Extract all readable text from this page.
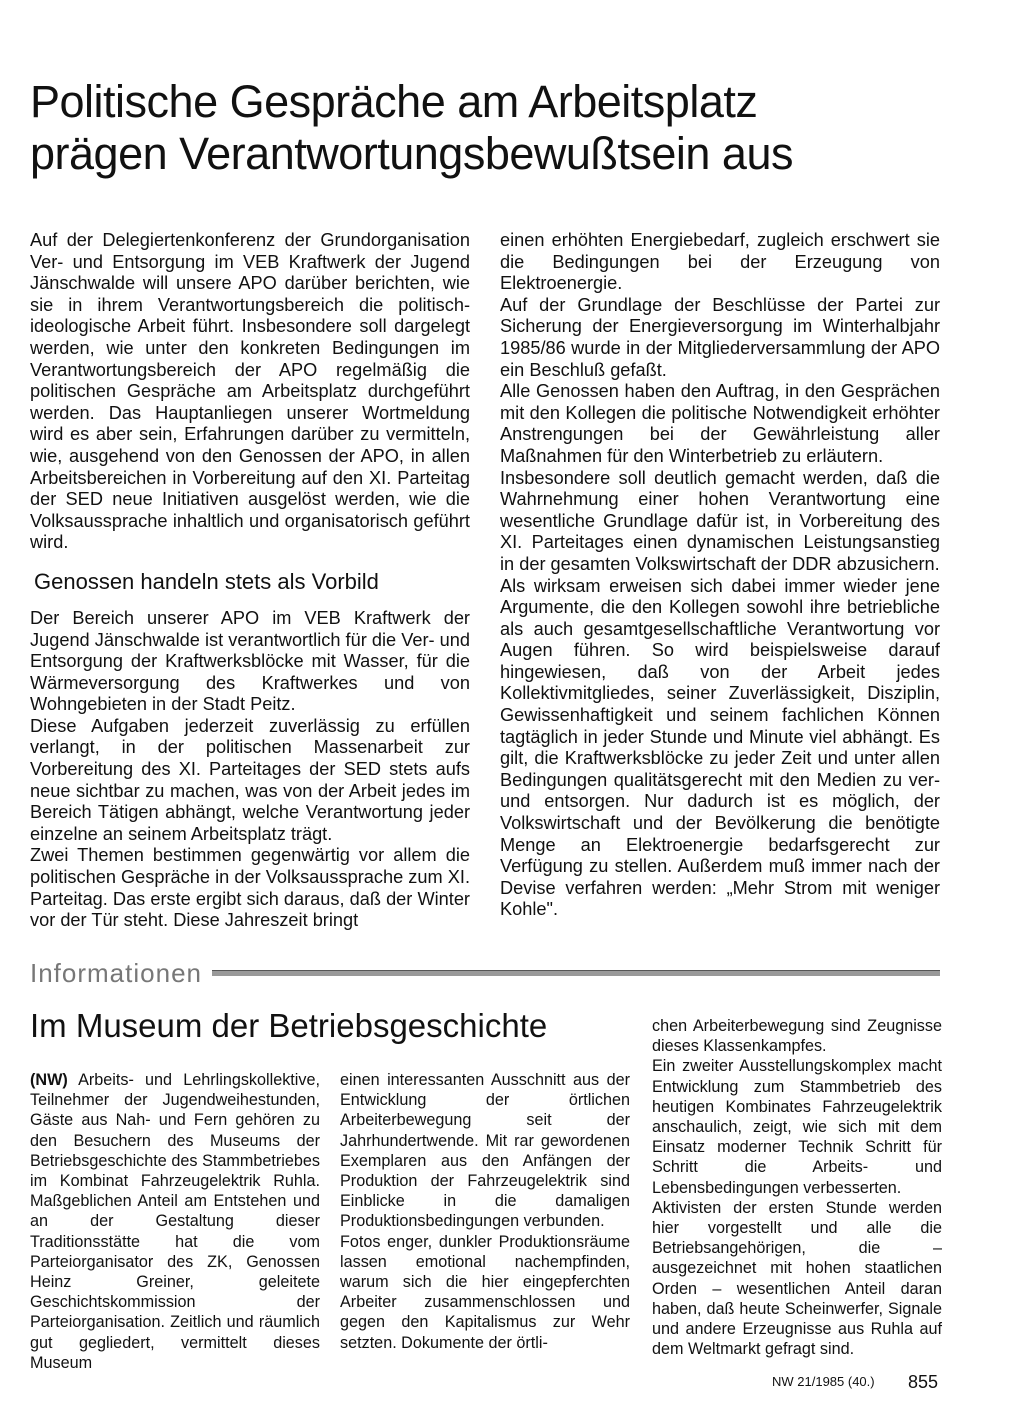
Politische Gespräche am Arbeitsplatz
prägen Verantwortungsbewußtsein aus

Auf der Delegiertenkonferenz der Grundorganisation Ver- und Entsorgung im VEB Kraftwerk der Jugend Jänschwalde will unsere APO darüber berichten, wie sie in ihrem Verantwortungsbereich die politisch-ideologische Arbeit führt. Insbesondere soll dargelegt werden, wie unter den konkreten Bedingungen im Verantwortungsbereich der APO regelmäßig die politischen Gespräche am Arbeitsplatz durchgeführt werden. Das Hauptanliegen unserer Wortmeldung wird es aber sein, Erfahrungen darüber zu vermitteln, wie, ausgehend von den Genossen der APO, in allen Arbeitsbereichen in Vorbereitung auf den XI. Parteitag der SED neue Initiativen ausgelöst werden, wie die Volksaussprache inhaltlich und organisatorisch geführt wird.

Genossen handeln stets als Vorbild

Der Bereich unserer APO im VEB Kraftwerk der Jugend Jänschwalde ist verantwortlich für die Ver- und Entsorgung der Kraftwerksblöcke mit Wasser, für die Wärmeversorgung des Kraftwerkes und von Wohngebieten in der Stadt Peitz.

Diese Aufgaben jederzeit zuverlässig zu erfüllen verlangt, in der politischen Massenarbeit zur Vorbereitung des XI. Parteitages der SED stets aufs neue sichtbar zu machen, was von der Arbeit jedes im Bereich Tätigen abhängt, welche Verantwortung jeder einzelne an seinem Arbeitsplatz trägt.

Zwei Themen bestimmen gegenwärtig vor allem die politischen Gespräche in der Volksaussprache zum XI. Parteitag. Das erste ergibt sich daraus, daß der Winter vor der Tür steht. Diese Jahreszeit bringt

einen erhöhten Energiebedarf, zugleich erschwert sie die Bedingungen bei der Erzeugung von Elektroenergie.

Auf der Grundlage der Beschlüsse der Partei zur Sicherung der Energieversorgung im Winterhalbjahr 1985/86 wurde in der Mitgliederversammlung der APO ein Beschluß gefaßt.

Alle Genossen haben den Auftrag, in den Gesprächen mit den Kollegen die politische Notwendigkeit erhöhter Anstrengungen bei der Gewährleistung aller Maßnahmen für den Winterbetrieb zu erläutern.

Insbesondere soll deutlich gemacht werden, daß die Wahrnehmung einer hohen Verantwortung eine wesentliche Grundlage dafür ist, in Vorbereitung des XI. Parteitages einen dynamischen Leistungsanstieg in der gesamten Volkswirtschaft der DDR abzusichern.

Als wirksam erweisen sich dabei immer wieder jene Argumente, die den Kollegen sowohl ihre betriebliche als auch gesamtgesellschaftliche Verantwortung vor Augen führen. So wird beispielsweise darauf hingewiesen, daß von der Arbeit jedes Kollektivmitgliedes, seiner Zuverlässigkeit, Disziplin, Gewissenhaftigkeit und seinem fachlichen Können tagtäglich in jeder Stunde und Minute viel abhängt. Es gilt, die Kraftwerksblöcke zu jeder Zeit und unter allen Bedingungen qualitätsgerecht mit den Medien zu ver- und entsorgen. Nur dadurch ist es möglich, der Volkswirtschaft und der Bevölkerung die benötigte Menge an Elektroenergie bedarfsgerecht zur Verfügung zu stellen. Außerdem muß immer nach der Devise verfahren werden: „Mehr Strom mit weniger Kohle".

Informationen
Im Museum der Betriebsgeschichte

(NW) Arbeits- und Lehrlingskollektive, Teilnehmer der Jugendweihestunden, Gäste aus Nah- und Fern gehören zu den Besuchern des Museums der Betriebsgeschichte des Stammbetriebes im Kombinat Fahrzeugelektrik Ruhla. Maßgeblichen Anteil am Entstehen und an der Gestaltung dieser Traditionsstätte hat die vom Parteiorganisator des ZK, Genossen Heinz Greiner, geleitete Geschichtskommission der Parteiorganisation. Zeitlich und räumlich gut gegliedert, vermittelt dieses Museum

einen interessanten Ausschnitt aus der Entwicklung der örtlichen Arbeiterbewegung seit der Jahrhundertwende. Mit rar gewordenen Exemplaren aus den Anfängen der Produktion der Fahrzeugelektrik sind Einblicke in die damaligen Produktionsbedingungen verbunden.

Fotos enger, dunkler Produktionsräume lassen emotional nachempfinden, warum sich die hier eingepferchten Arbeiter zusammenschlossen und gegen den Kapitalismus zur Wehr setzten. Dokumente der örtli-

chen Arbeiterbewegung sind Zeugnisse dieses Klassenkampfes.

Ein zweiter Ausstellungskomplex macht Entwicklung zum Stammbetrieb des heutigen Kombinates Fahrzeugelektrik anschaulich, zeigt, wie sich mit dem Einsatz moderner Technik Schritt für Schritt die Arbeits- und Lebensbedingungen verbesserten.

Aktivisten der ersten Stunde werden hier vorgestellt und alle die Betriebsangehörigen, die – ausgezeichnet mit hohen staatlichen Orden – wesentlichen Anteil daran haben, daß heute Scheinwerfer, Signale und andere Erzeugnisse aus Ruhla auf dem Weltmarkt gefragt sind.

NW 21/1985 (40.) 855
